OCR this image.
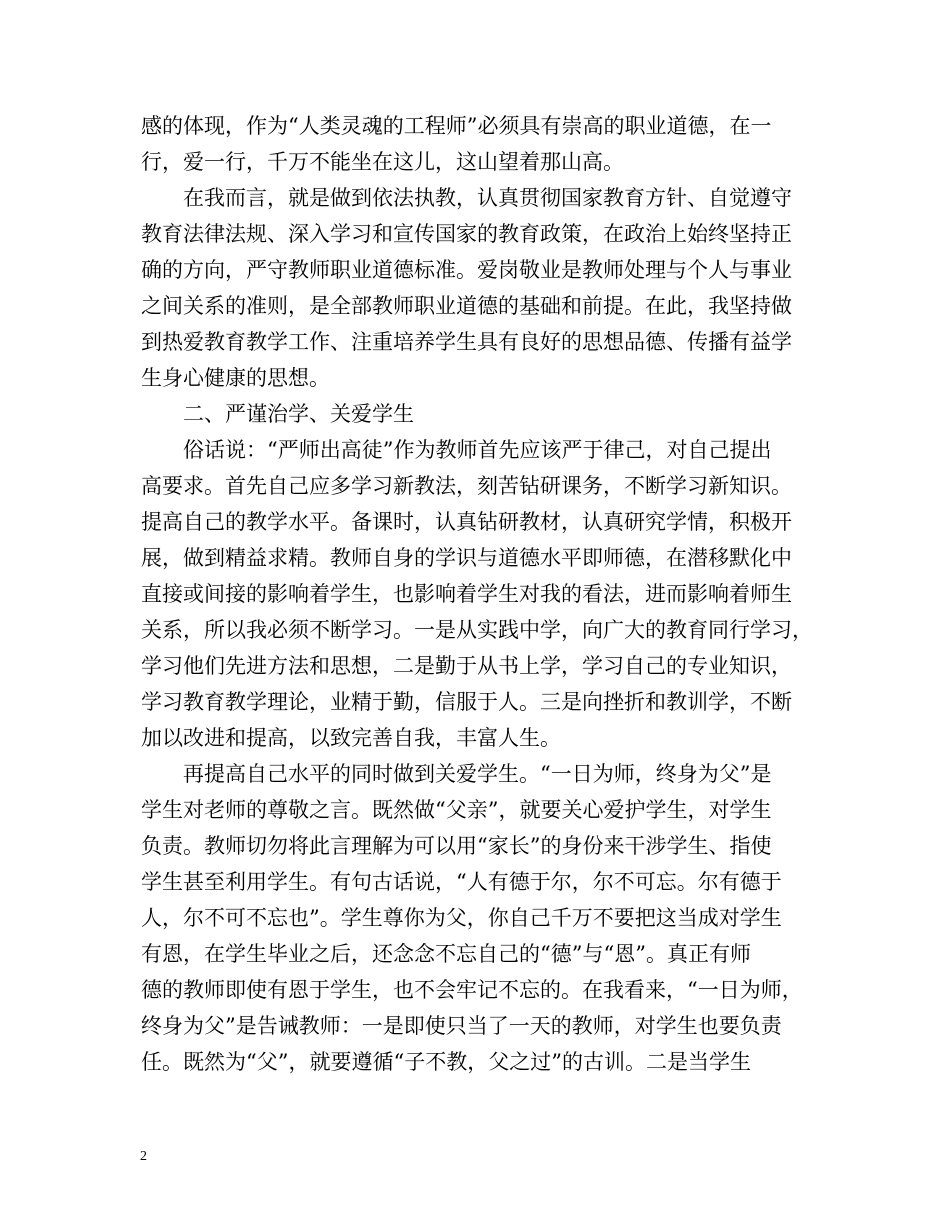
感的体现，作为“人类灵魂的工程师”必须具有崇高的职业道德，在一
行，爱一行，千万不能坐在这儿，这山望着那山高。
在我而言，就是做到依法执教，认真贯彻国家教育方针、自觉遵守
教育法律法规、深入学习和宣传国家的教育政策，在政治上始终坚持正
确的方向，严守教师职业道德标准。爱岗敬业是教师处理与个人与事业
之间关系的准则，是全部教师职业道德的基础和前提。在此，我坚持做
到热爱教育教学工作、注重培养学生具有良好的思想品德、传播有益学
生身心健康的思想。
二、严谨治学、关爱学生
俗话说：“严师出高徒”作为教师首先应该严于律己，对自己提出
高要求。首先自己应多学习新教法，刻苦钻研课务，不断学习新知识。
提高自己的教学水平。备课时，认真钻研教材，认真研究学情，积极开
展，做到精益求精。教师自身的学识与道德水平即师德，在潜移默化中
直接或间接的影响着学生，也影响着学生对我的看法，进而影响着师生
关系，所以我必须不断学习。一是从实践中学，向广大的教育同行学习，
学习他们先进方法和思想，二是勤于从书上学，学习自己的专业知识，
学习教育教学理论，业精于勤，信服于人。三是向挫折和教训学，不断
加以改进和提高，以致完善自我，丰富人生。
再提高自己水平的同时做到关爱学生。“一日为师，终身为父”是
学生对老师的尊敬之言。既然做“父亲”，就要关心爱护学生，对学生
负责。教师切勿将此言理解为可以用“家长”的身份来干涉学生、指使
学生甚至利用学生。有句古话说，“人有德于尔，尔不可忘。尔有德于
人，尔不可不忘也”。学生尊你为父，你自己千万不要把这当成对学生
有恩，在学生毕业之后，还念念不忘自己的“德”与“恩”。真正有师
德的教师即使有恩于学生，也不会牢记不忘的。在我看来，“一日为师，
终身为父”是告诫教师：一是即使只当了一天的教师，对学生也要负责
任。既然为“父”，就要遵循“子不教，父之过”的古训。二是当学生
2
